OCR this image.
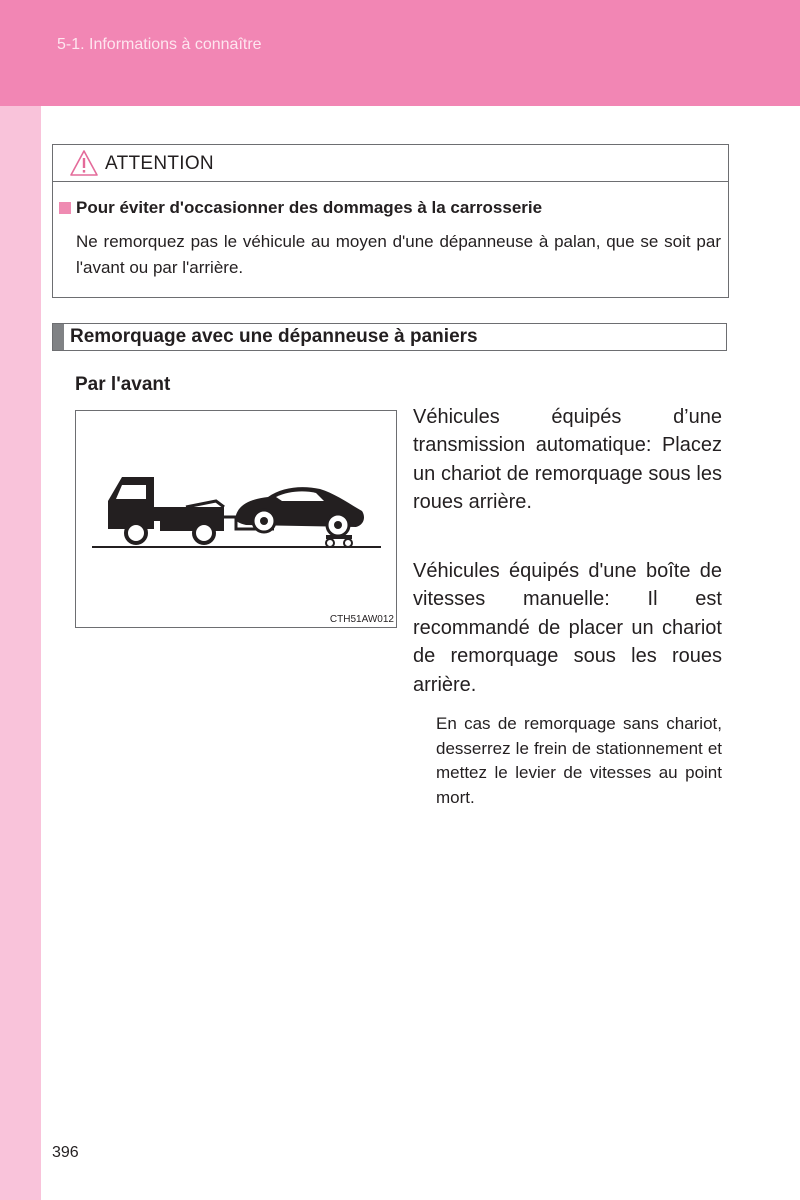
5-1. Informations à connaître
ATTENTION
Pour éviter d'occasionner des dommages à la carrosserie
Ne remorquez pas le véhicule au moyen d'une dépanneuse à palan, que se soit par l'avant ou par l'arrière.
Remorquage avec une dépanneuse à paniers
Par l'avant
CTH51AW012
Véhicules équipés d’une transmission automatique: Placez un chariot de remorquage sous les roues arrière.
Véhicules équipés d'une boîte de vitesses manuelle: Il est recommandé de placer un chariot de remorquage sous les roues arrière.
En cas de remorquage sans chariot, desserrez le frein de stationnement et mettez le levier de vitesses au point mort.
396
